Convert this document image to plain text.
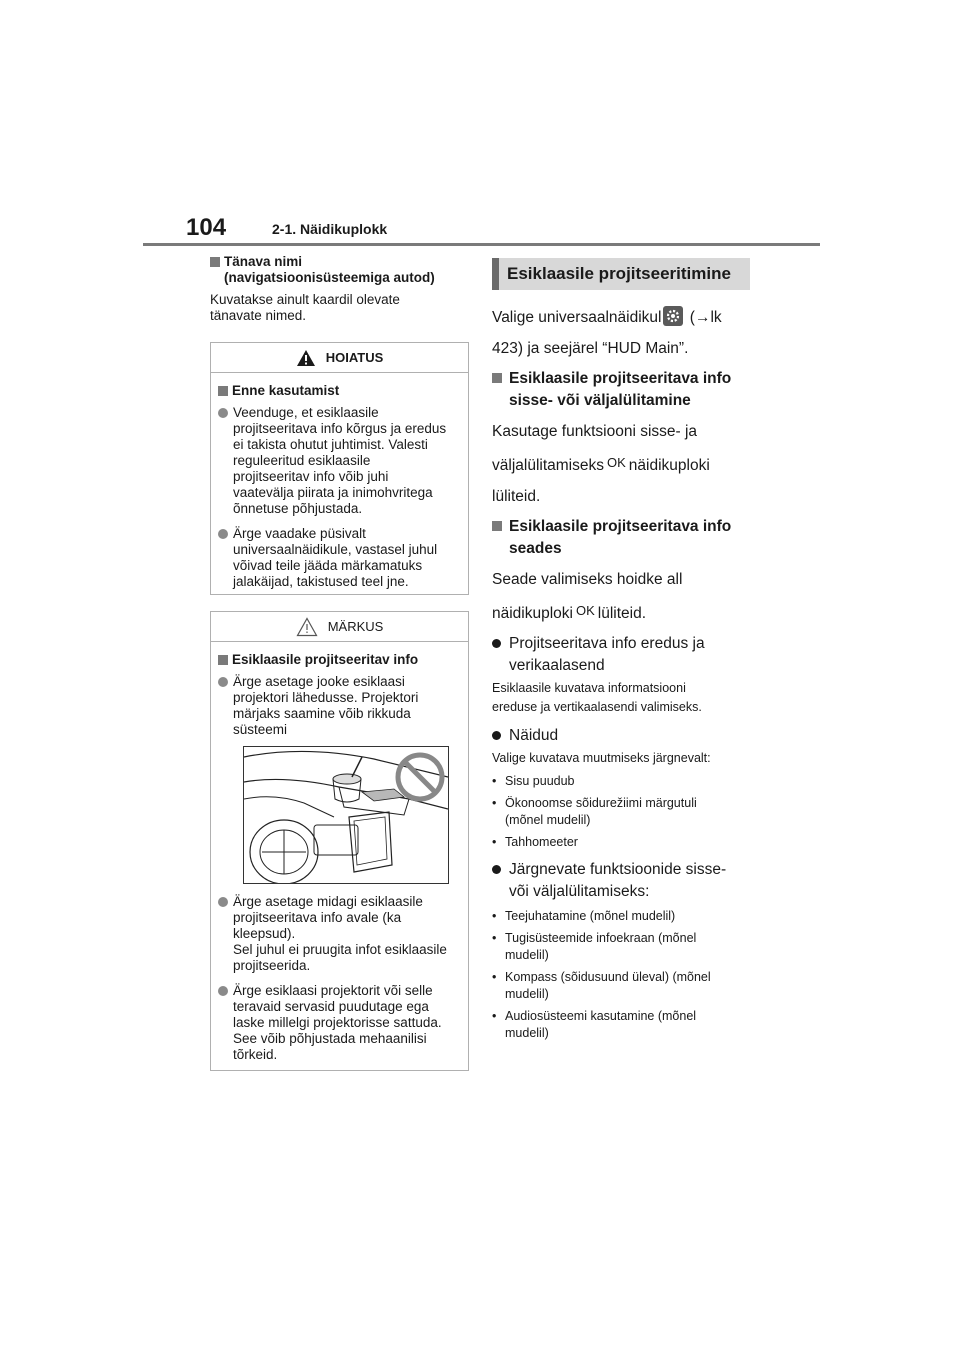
104	2-1. Näidikuplokk
Tänava nimi
(navigatsioonisüsteemiga autod)
Kuvatakse ainult kaardil olevate
tänavate nimed.
HOIATUS
Enne kasutamist
Veenduge, et esiklaasile
projitseeritava info kõrgus ja eredus
ei takista ohutut juhtimist. Valesti
reguleeritud esiklaasile
projitseeritav info võib juhi
vaatevälja piirata ja inimohvritega
õnnetuse põhjustada.
Ärge vaadake püsivalt
universaalnäidikule, vastasel juhul
võivad teile jääda märkamatuks
jalakäijad, takistused teel jne.
MÄRKUS
Esiklaasile projitseeritav info
Ärge asetage jooke esiklaasi
projektori lähedusse. Projektori
märjaks saamine võib rikkuda
süsteemi
Ärge asetage midagi esiklaasile
projitseeritava info avale (ka
kleepsud).
Sel juhul ei pruugita infot esiklaasile
projitseerida.
Ärge esiklaasi projektorit või selle
teravaid servasid puudutage ega
laske millelgi projektorisse sattuda.
See võib põhjustada mehaanilisi
tõrkeid.
Esiklaasile projitseeritimine
Valige universaalnäidikul (→lk
423) ja seejärel “HUD Main”.
Esiklaasile projitseeritava info
sisse- või väljalülitamine
Kasutage funktsiooni sisse- ja
väljalülitamiseks OK näidikuploki
lüliteid.
Esiklaasile projitseeritava info
seades
Seade valimiseks hoidke all
näidikuploki OK lüliteid.
Projitseeritava info eredus ja
verikaalasend
Esiklaasile kuvatava informatsiooni
ereduse ja vertikaalasendi valimiseks.
Näidud
Valige kuvatava muutmiseks järgnevalt:
• Sisu puudub
• Ökonoomse sõidurežiimi märgutuli
(mõnel mudelil)
• Tahhomeeter
Järgnevate funktsioonide sisse-
või väljalülitamiseks:
• Teejuhatamine (mõnel mudelil)
• Tugisüsteemide infoekraan (mõnel
mudelil)
• Kompass (sõidusuund üleval) (mõnel
mudelil)
• Audiosüsteemi kasutamine (mõnel
mudelil)
